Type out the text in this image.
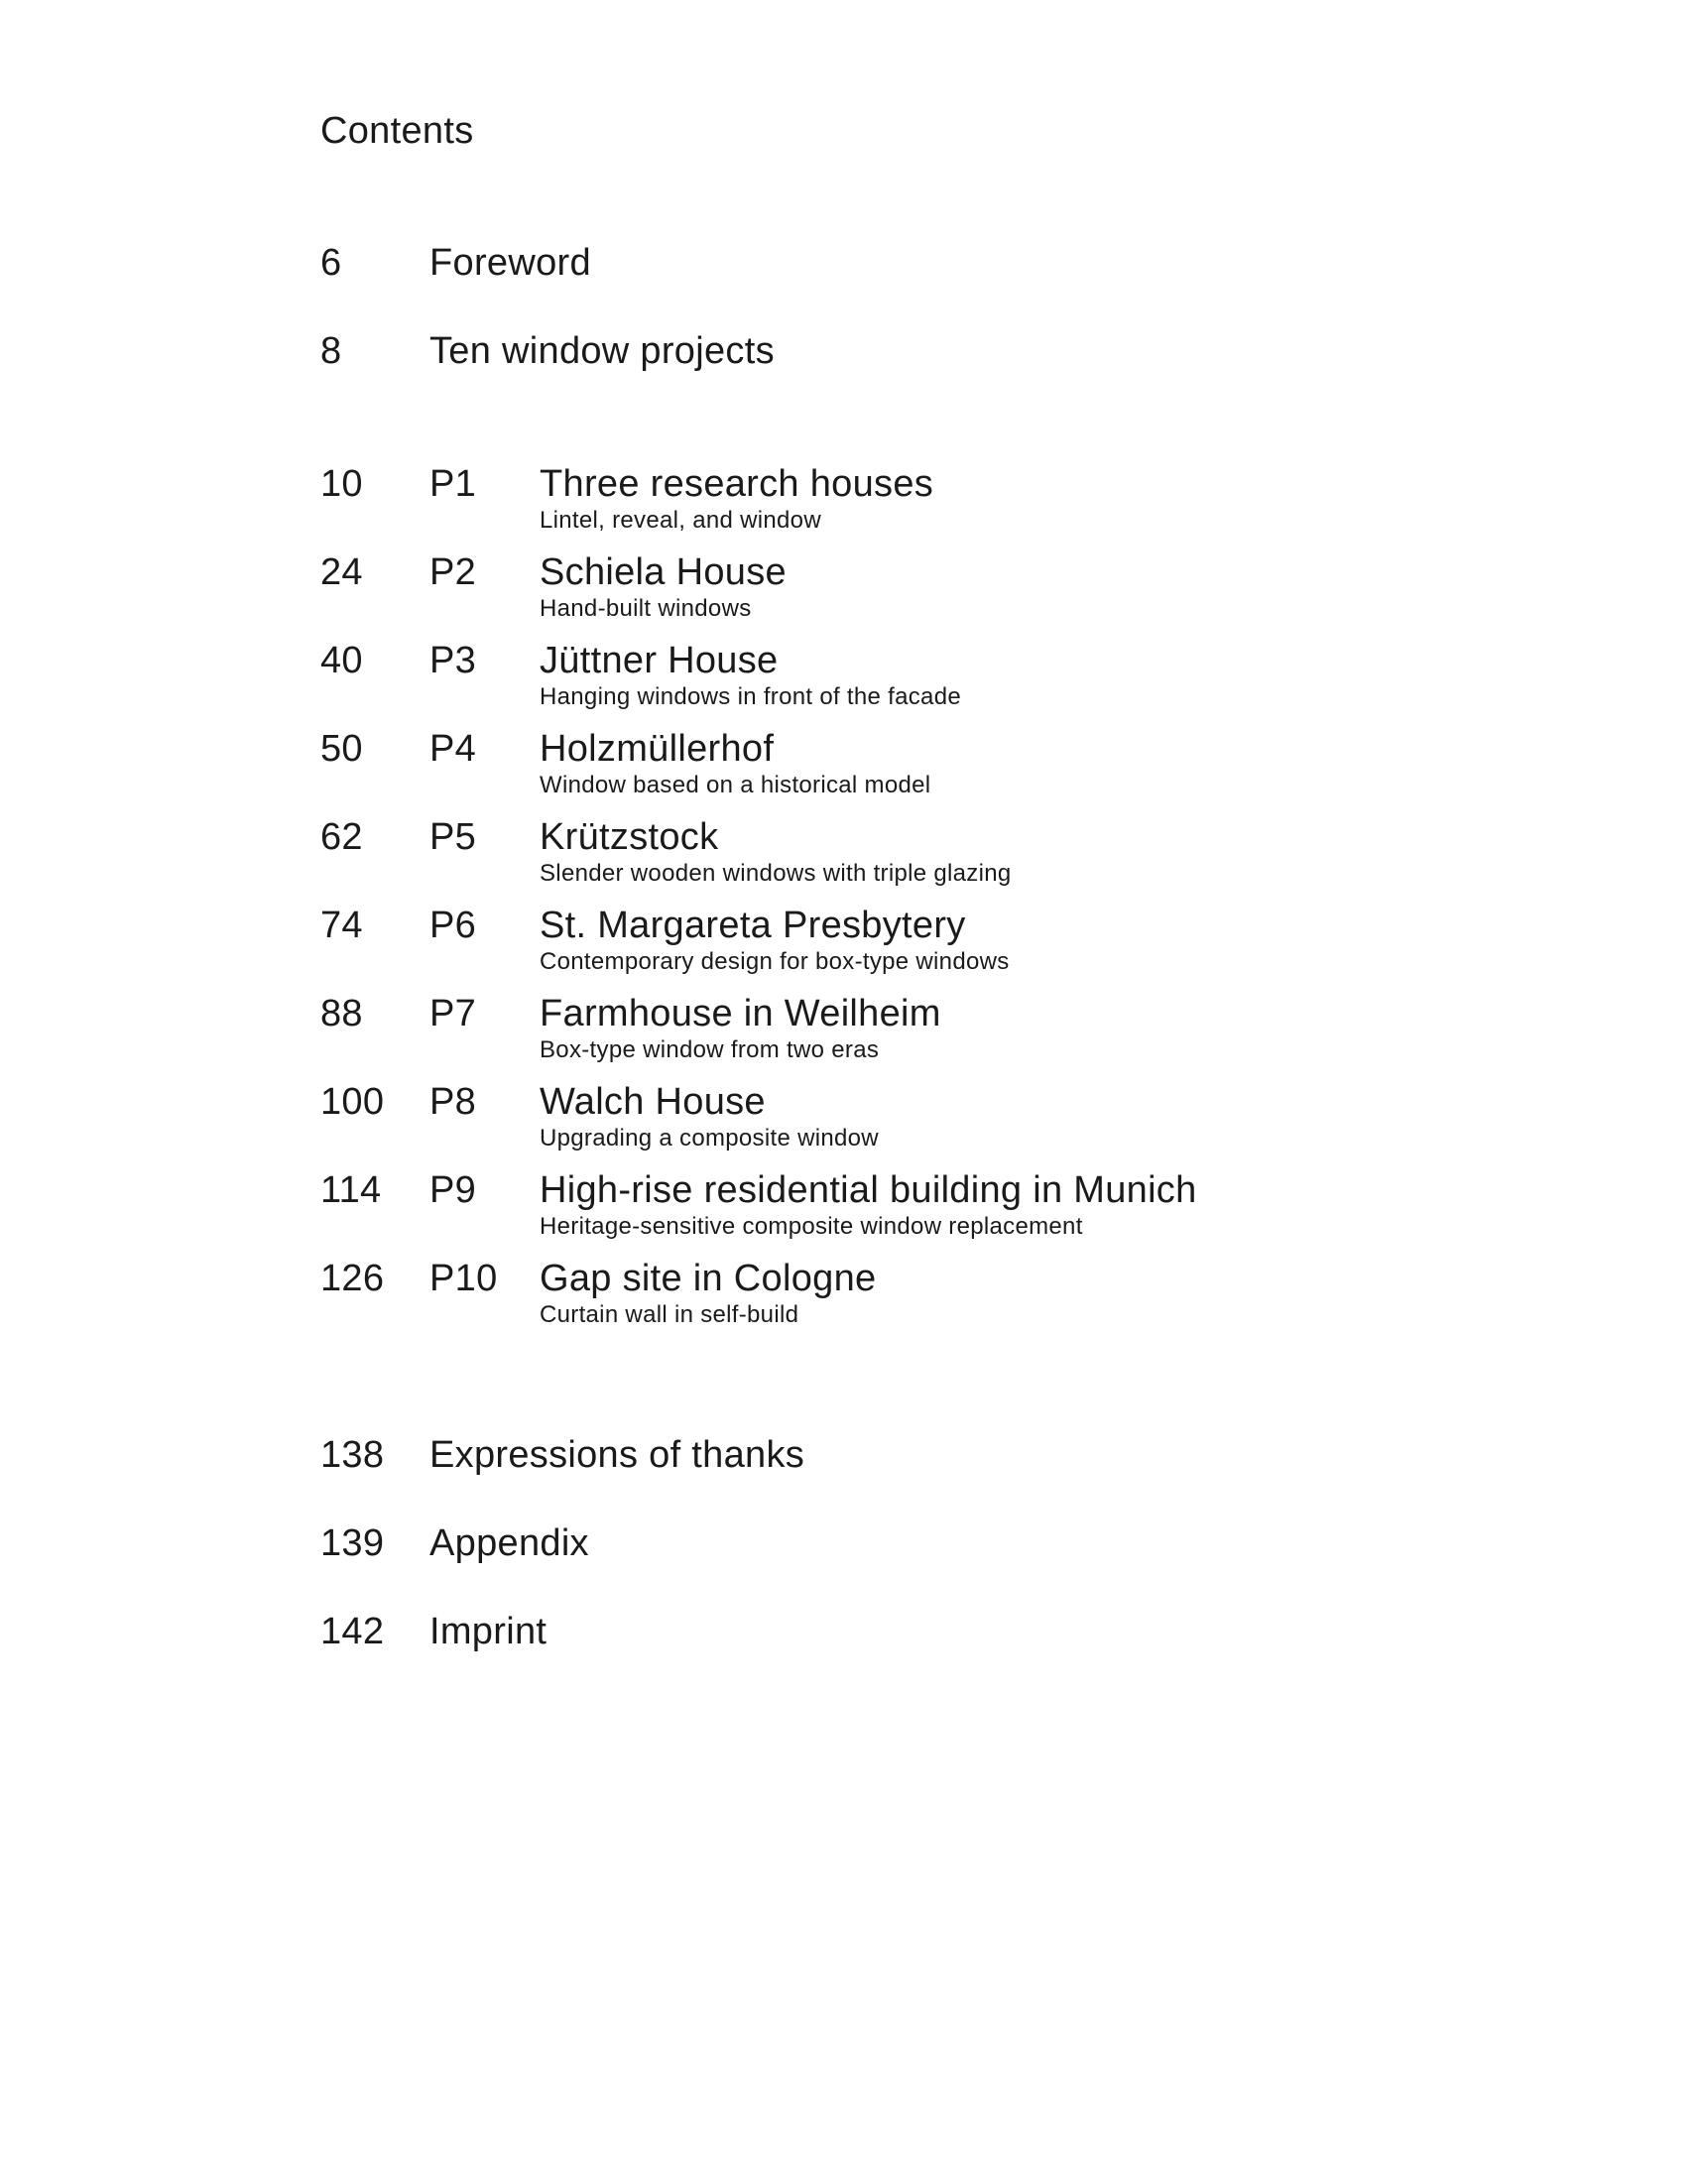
Contents
6 Foreword
8 Ten window projects
10 P1 Three research houses
Lintel, reveal, and window
24 P2 Schiela House
Hand-built windows
40 P3 Jüttner House
Hanging windows in front of the facade
50 P4 Holzmüllerhof
Window based on a historical model
62 P5 Krützstock
Slender wooden windows with triple glazing
74 P6 St. Margareta Presbytery
Contemporary design for box-type windows
88 P7 Farmhouse in Weilheim
Box-type window from two eras
100 P8 Walch House
Upgrading a composite window
114 P9 High-rise residential building in Munich
Heritage-sensitive composite window replacement
126 P10 Gap site in Cologne
Curtain wall in self-build
138 Expressions of thanks
139 Appendix
142 Imprint
